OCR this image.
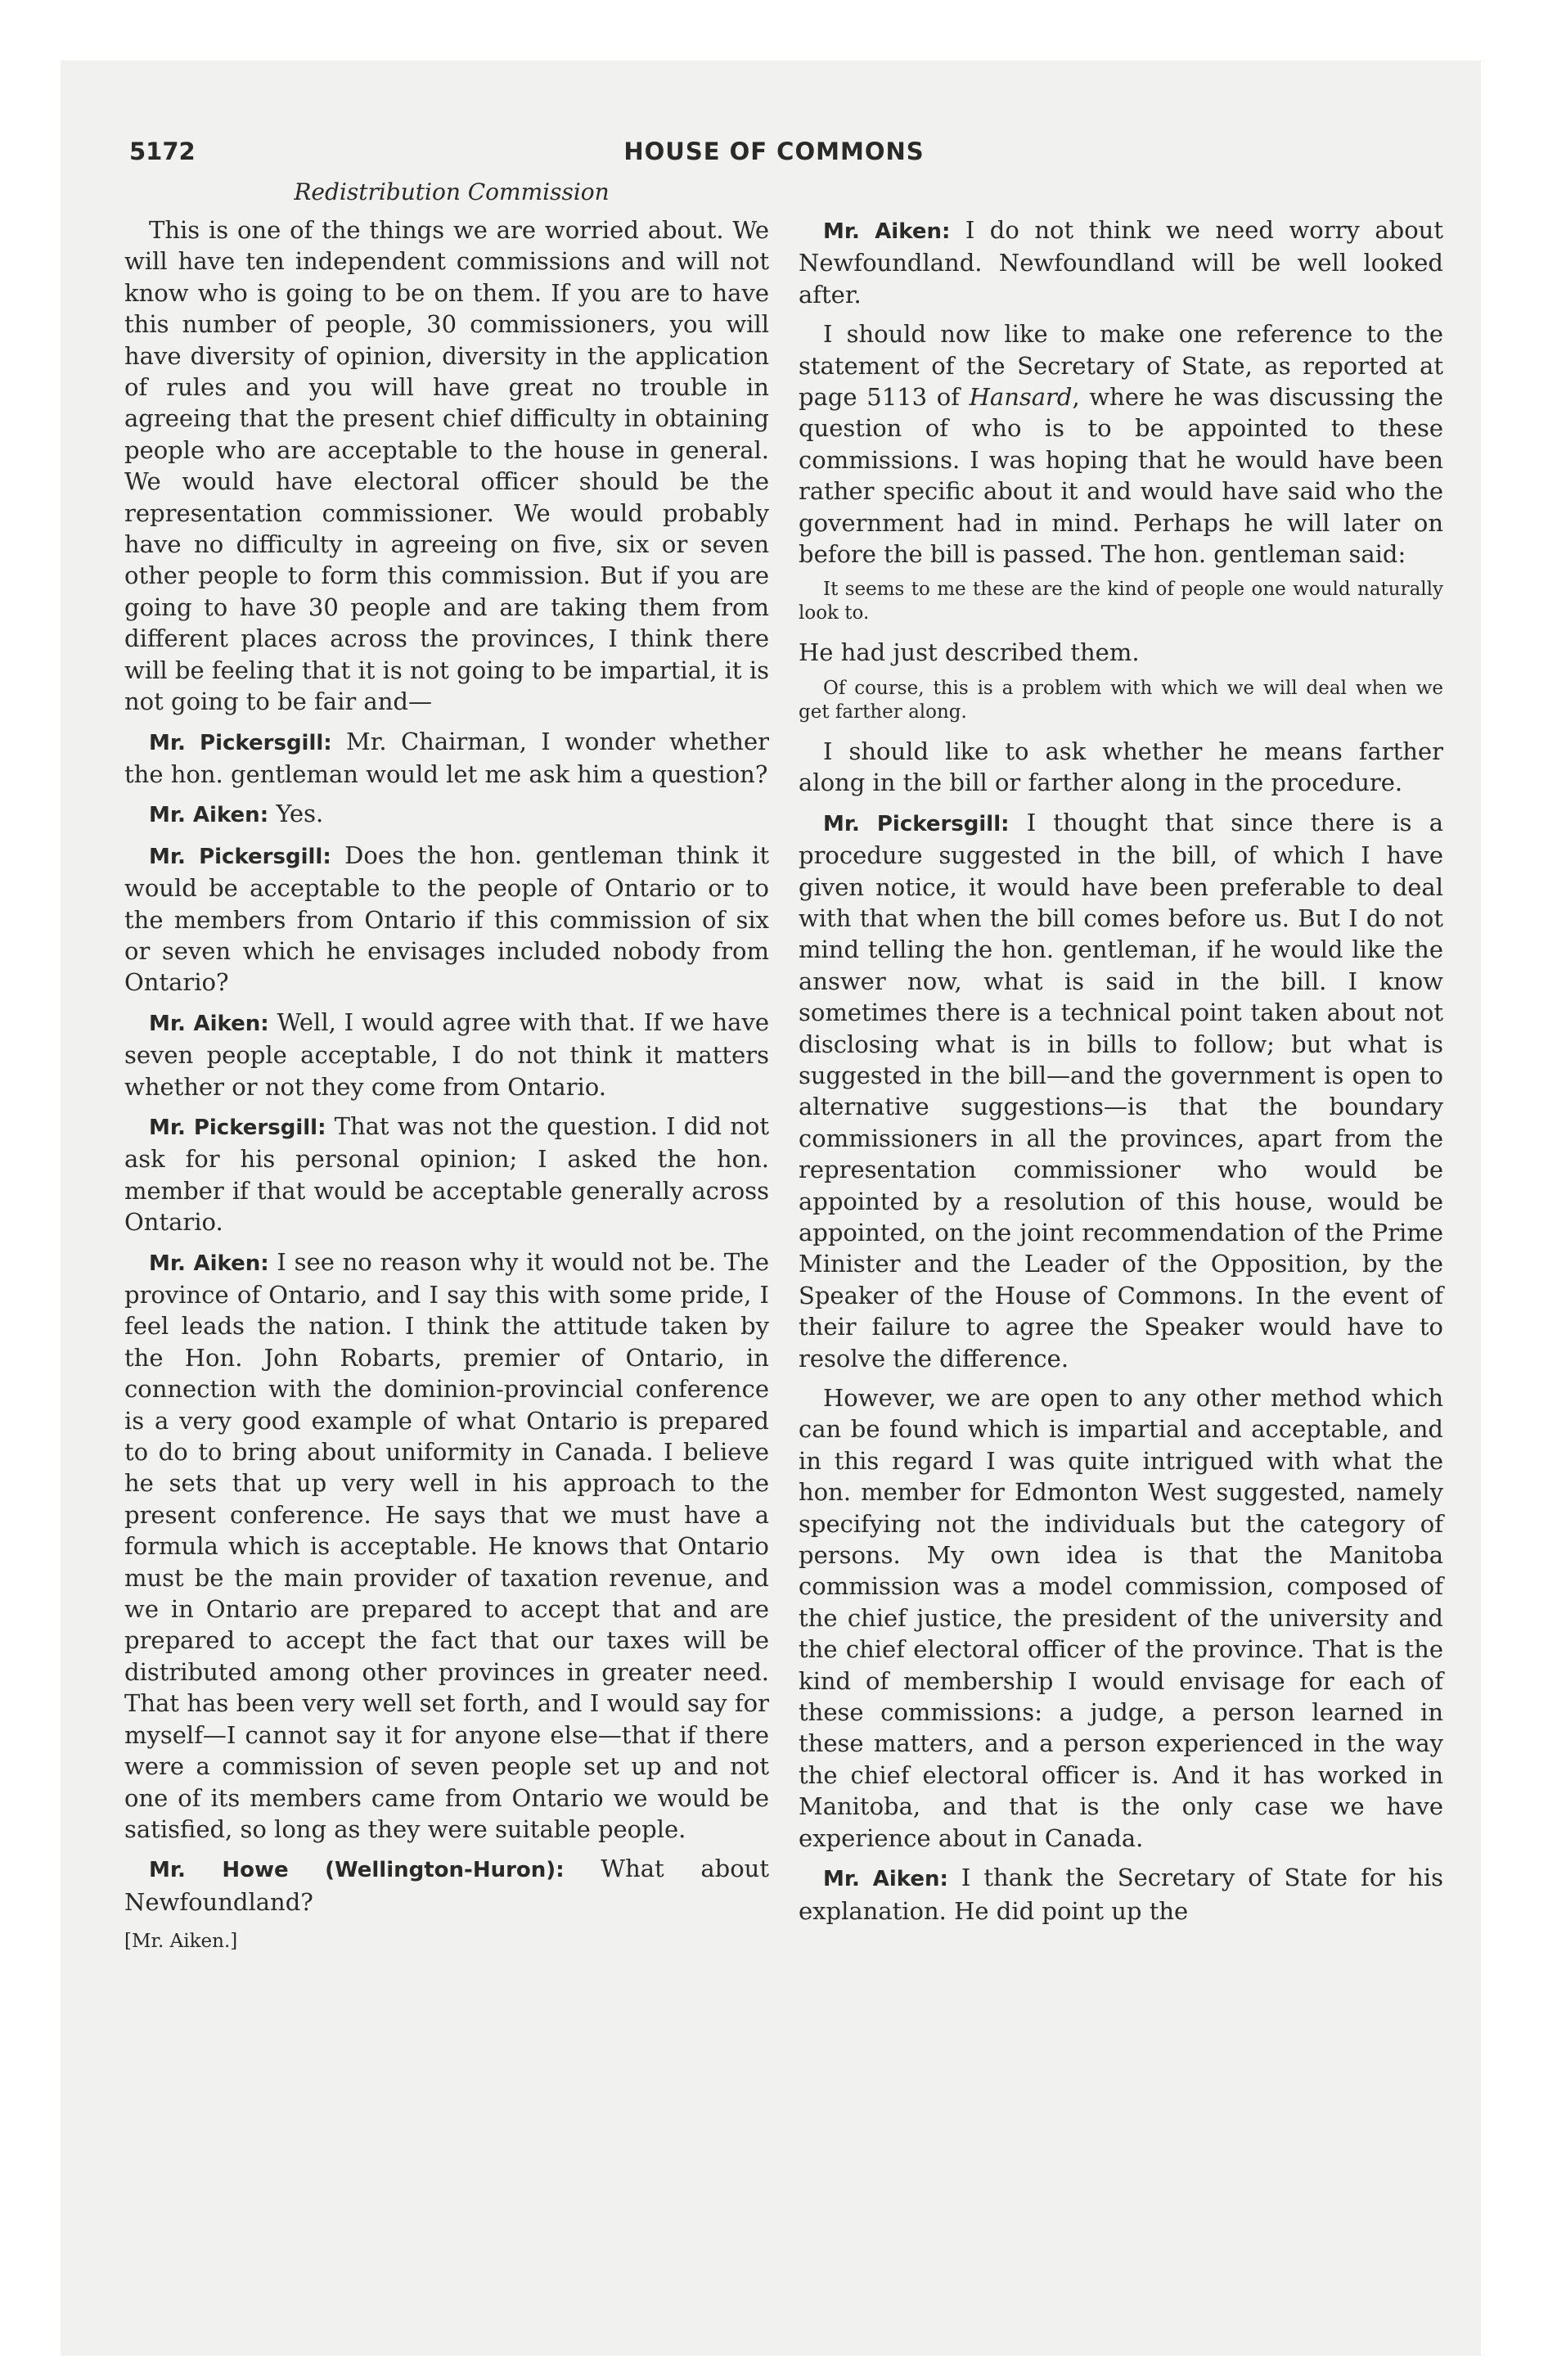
5172	HOUSE OF COMMONS
Redistribution Commission

This is one of the things we are worried about. We will have ten independent commissions and will not know who is going to be on them. If you are to have this number of people, 30 commissioners, you will have diversity of opinion, diversity in the application of rules and you will have great no trouble in agreeing that the present chief difficulty in obtaining people who are acceptable to the house in general. We would have electoral officer should be the representation commissioner. We would probably have no difficulty in agreeing on five, six or seven other people to form this commission. But if you are going to have 30 people and are taking them from different places across the provinces, I think there will be feeling that it is not going to be impartial, it is not going to be fair and—

Mr. Pickersgill: Mr. Chairman, I wonder whether the hon. gentleman would let me ask him a question?

Mr. Aiken: Yes.

Mr. Pickersgill: Does the hon. gentleman think it would be acceptable to the people of Ontario or to the members from Ontario if this commission of six or seven which he envisages included nobody from Ontario?

Mr. Aiken: Well, I would agree with that. If we have seven people acceptable, I do not think it matters whether or not they come from Ontario.

Mr. Pickersgill: That was not the question. I did not ask for his personal opinion; I asked the hon. member if that would be acceptable generally across Ontario.

Mr. Aiken: I see no reason why it would not be. The province of Ontario, and I say this with some pride, I feel leads the nation. I think the attitude taken by the Hon. John Robarts, premier of Ontario, in connection with the dominion-provincial conference is a very good example of what Ontario is prepared to do to bring about uniformity in Canada. I believe he sets that up very well in his approach to the present conference. He says that we must have a formula which is acceptable. He knows that Ontario must be the main provider of taxation revenue, and we in Ontario are prepared to accept that and are prepared to accept the fact that our taxes will be distributed among other provinces in greater need. That has been very well set forth, and I would say for myself—I cannot say it for anyone else—that if there were a commission of seven people set up and not one of its members came from Ontario we would be satisfied, so long as they were suitable people.

Mr. Howe (Wellington-Huron): What about Newfoundland?

[Mr. Aiken.]

Mr. Aiken: I do not think we need worry about Newfoundland. Newfoundland will be well looked after.

I should now like to make one reference to the statement of the Secretary of State, as reported at page 5113 of Hansard, where he was discussing the question of who is to be appointed to these commissions. I was hoping that he would have been rather specific about it and would have said who the government had in mind. Perhaps he will later on before the bill is passed. The hon. gentleman said:

It seems to me these are the kind of people one would naturally look to.

He had just described them.

Of course, this is a problem with which we will deal when we get farther along.

I should like to ask whether he means farther along in the bill or farther along in the procedure.

Mr. Pickersgill: I thought that since there is a procedure suggested in the bill, of which I have given notice, it would have been preferable to deal with that when the bill comes before us. But I do not mind telling the hon. gentleman, if he would like the answer now, what is said in the bill. I know sometimes there is a technical point taken about not disclosing what is in bills to follow; but what is suggested in the bill—and the government is open to alternative suggestions—is that the boundary commissioners in all the provinces, apart from the representation commissioner who would be appointed by a resolution of this house, would be appointed, on the joint recommendation of the Prime Minister and the Leader of the Opposition, by the Speaker of the House of Commons. In the event of their failure to agree the Speaker would have to resolve the difference.

However, we are open to any other method which can be found which is impartial and acceptable, and in this regard I was quite intrigued with what the hon. member for Edmonton West suggested, namely specifying not the individuals but the category of persons. My own idea is that the Manitoba commission was a model commission, composed of the chief justice, the president of the university and the chief electoral officer of the province. That is the kind of membership I would envisage for each of these commissions: a judge, a person learned in these matters, and a person experienced in the way the chief electoral officer is. And it has worked in Manitoba, and that is the only case we have experience about in Canada.

Mr. Aiken: I thank the Secretary of State for his explanation. He did point up the
